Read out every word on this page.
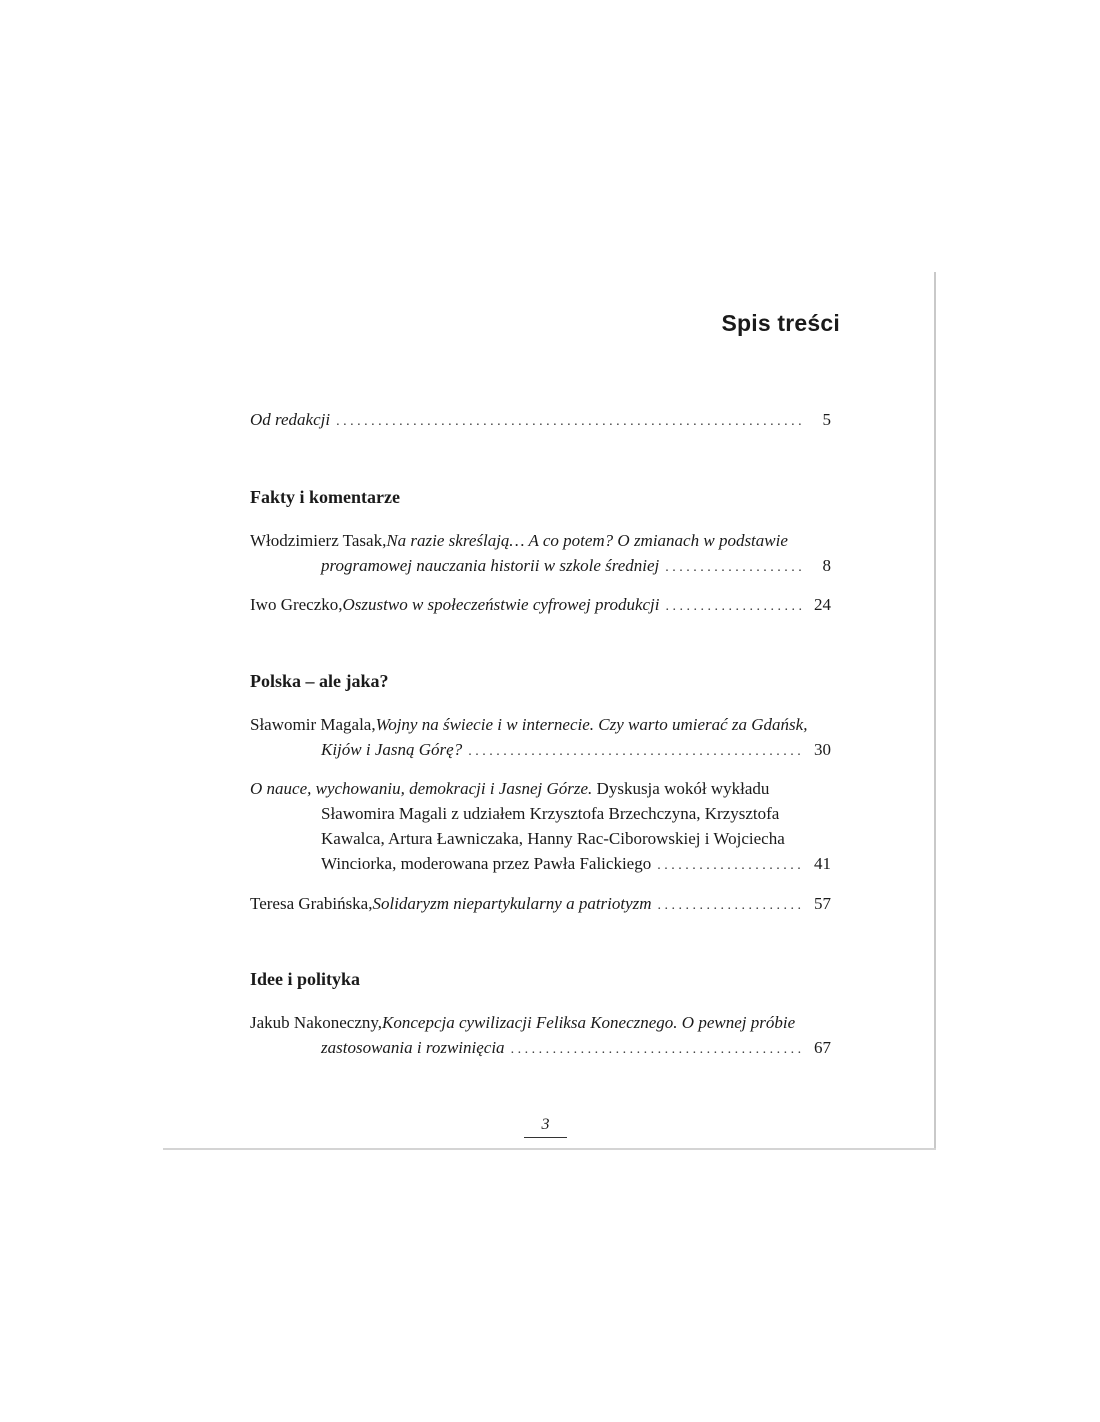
Spis treści
Od redakcji . . .	5
Fakty i komentarze
Włodzimierz Tasak, Na razie skreślają… A co potem? O zmianach w podstawie
programowej nauczania historii w szkole średniej . . .	8
Iwo Greczko, Oszustwo w społeczeństwie cyfrowej produkcji . . .	24
Polska – ale jaka?
Sławomir Magala, Wojny na świecie i w internecie. Czy warto umierać za Gdańsk,
Kijów i Jasną Górę? . . .	30
O nauce, wychowaniu, demokracji i Jasnej Górze. Dyskusja wokół wykładu
Sławomira Magali z udziałem Krzysztofa Brzechczyna, Krzysztofa
Kawalca, Artura Ławniczaka, Hanny Rac-Ciborowskiej i Wojciecha
Winciorka, moderowana przez Pawła Falickiego . . .	41
Teresa Grabińska, Solidaryzm niepartykularny a patriotyzm . . .	57
Idee i polityka
Jakub Nakoneczny, Koncepcja cywilizacji Feliksa Konecznego. O pewnej próbie
zastosowania i rozwinięcia . . .	67
3
